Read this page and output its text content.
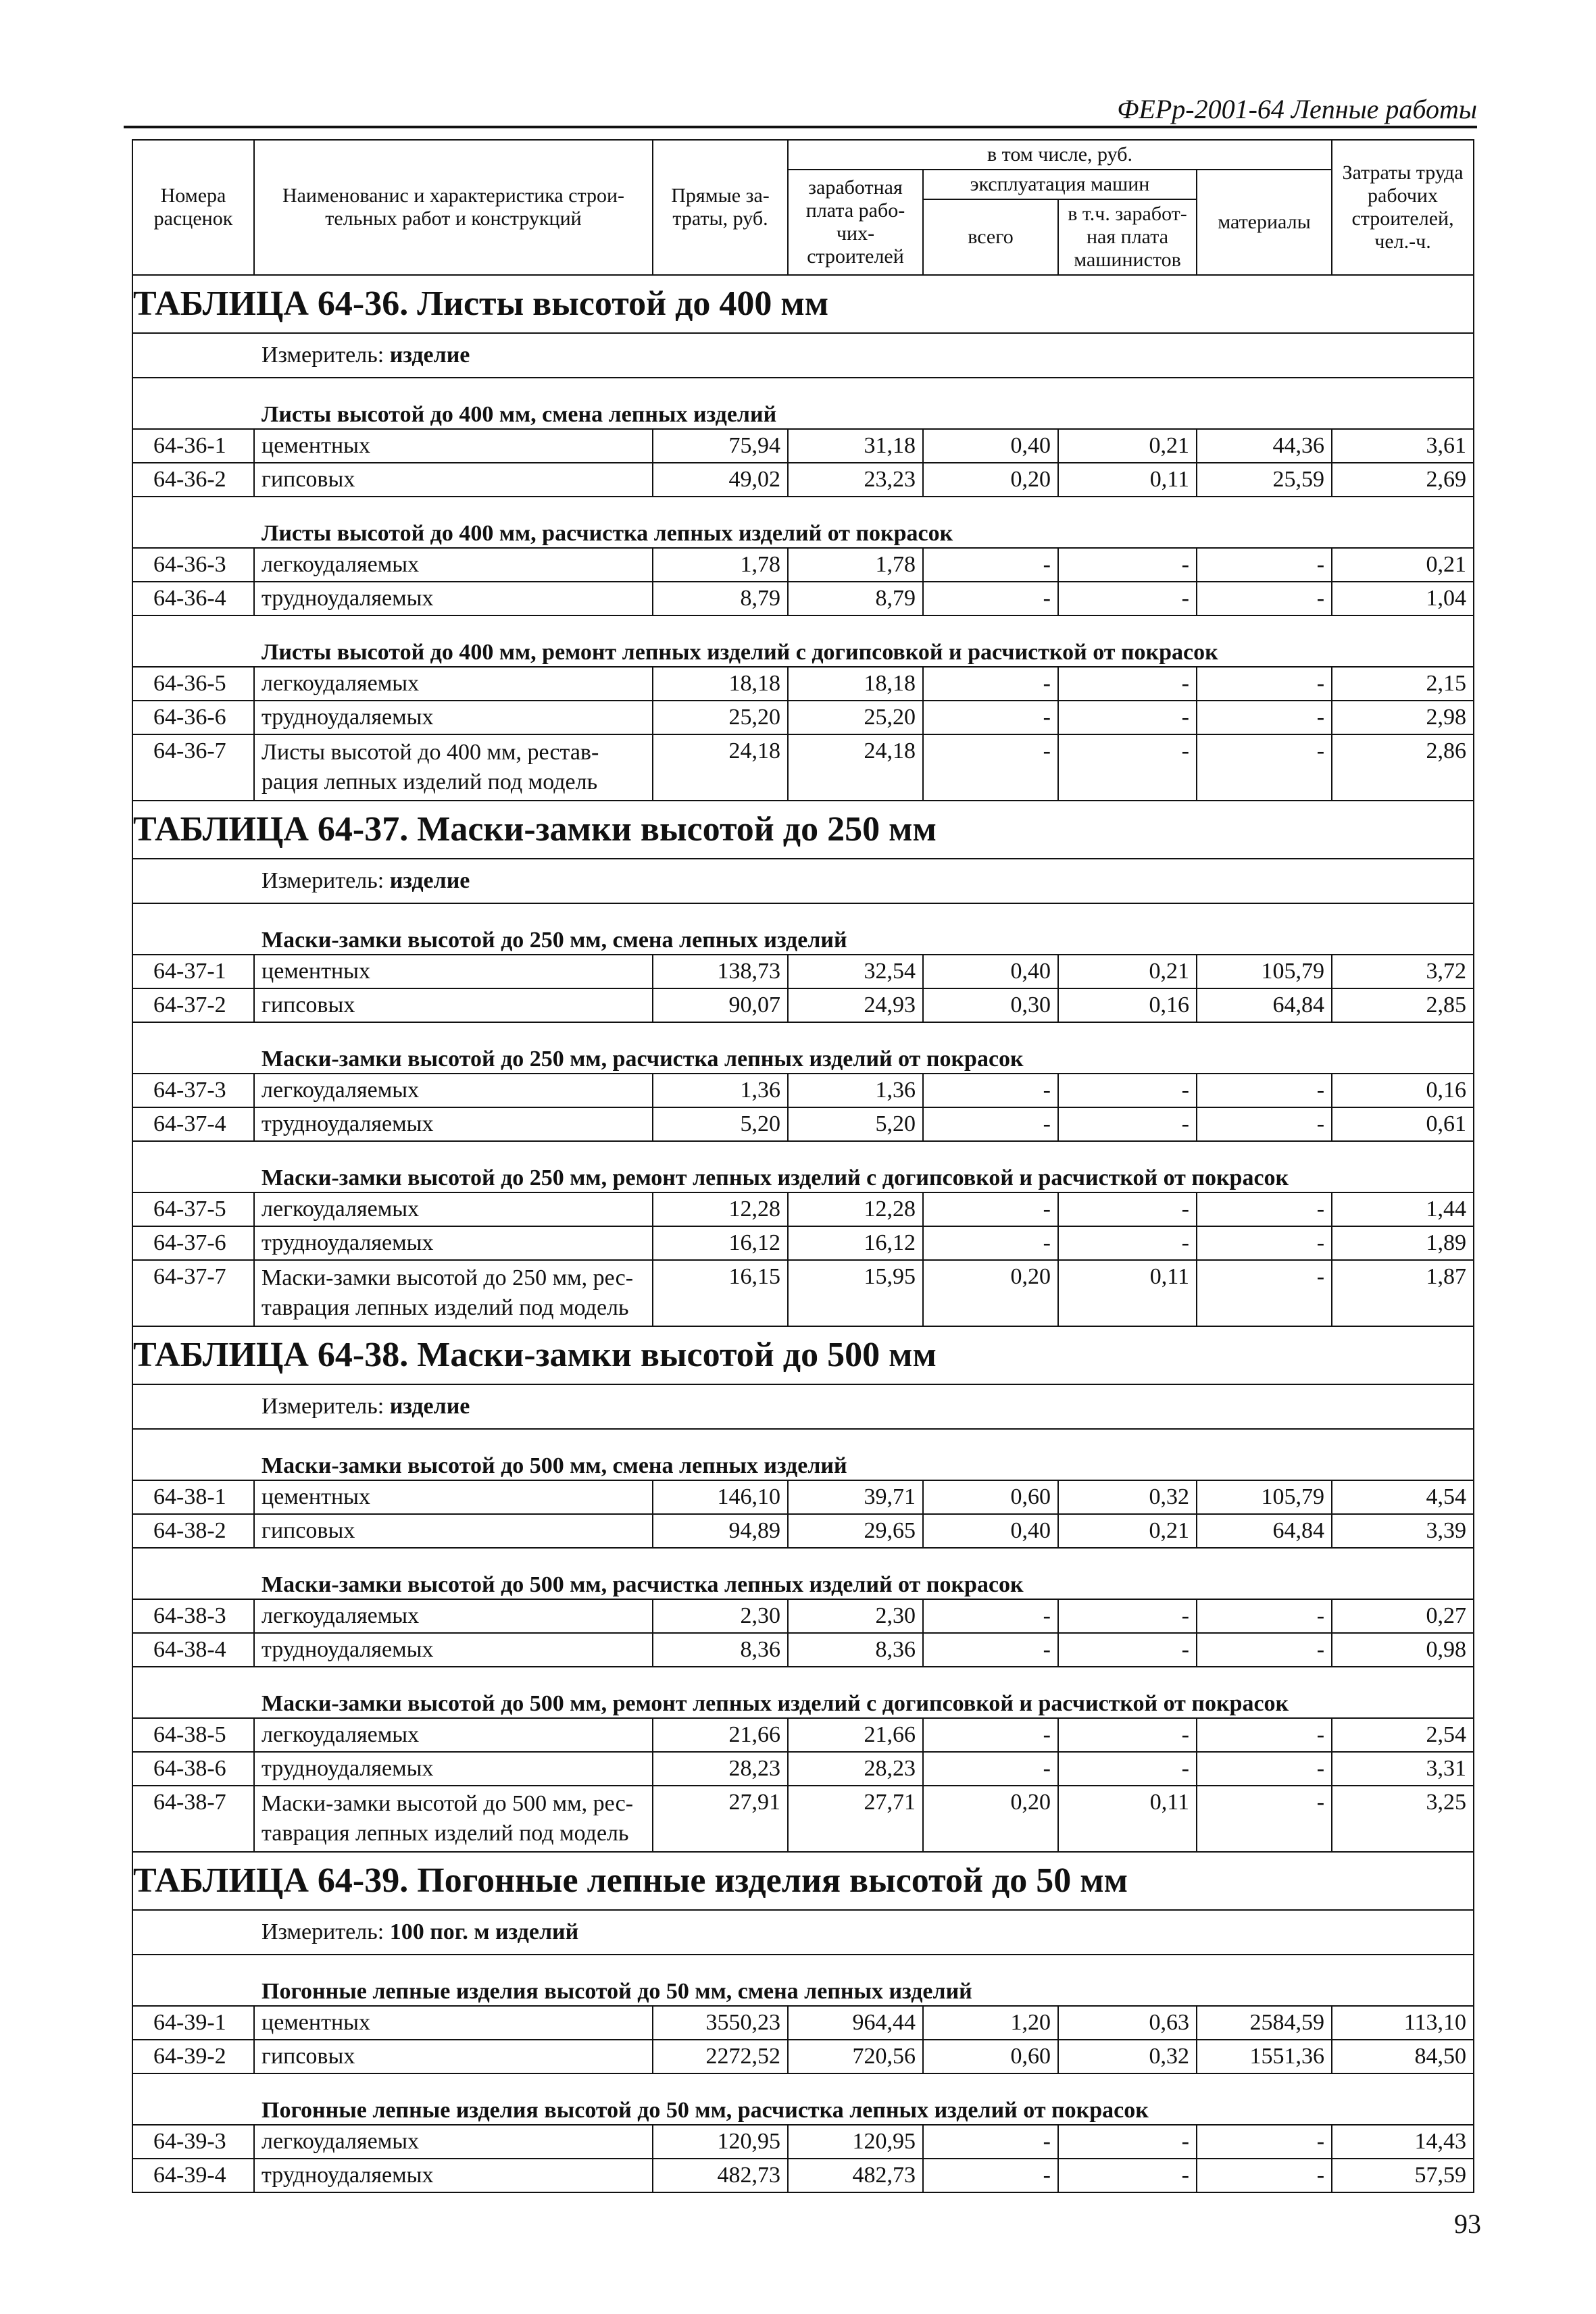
ФЕРр-2001-64 Лепные работы
Номера расценок	Наименованис и характеристика строи-тельных работ и конструкций	Прямые за-траты, руб.	в том числе, руб.				Затраты труда рабочих строителей, чел.-ч.
			заработная плата рабо-чих-строителей	эксплуатация машин		материалы	
				всего	в т.ч. заработ-ная плата машинистов		
ТАБЛИЦА 64-36. Листы высотой до 400 мм							
Измеритель: изделие							
Листы высотой до 400 мм, смена лепных изделий							
64-36-1	цементных	75,94	31,18	0,40	0,21	44,36	3,61
64-36-2	гипсовых	49,02	23,23	0,20	0,11	25,59	2,69
Листы высотой до 400 мм, расчистка лепных изделий от покрасок							
64-36-3	легкоудаляемых	1,78	1,78	-	-	-	0,21
64-36-4	трудноудаляемых	8,79	8,79	-	-	-	1,04
Листы высотой до 400 мм, ремонт лепных изделий с догипсовкой и расчисткой от покрасок							
64-36-5	легкоудаляемых	18,18	18,18	-	-	-	2,15
64-36-6	трудноудаляемых	25,20	25,20	-	-	-	2,98
64-36-7	Листы высотой до 400 мм, рестав-рация лепных изделий под модель	24,18	24,18	-	-	-	2,86
ТАБЛИЦА 64-37. Маски-замки высотой до 250 мм							
Измеритель: изделие							
Маски-замки высотой до 250 мм, смена лепных изделий							
64-37-1	цементных	138,73	32,54	0,40	0,21	105,79	3,72
64-37-2	гипсовых	90,07	24,93	0,30	0,16	64,84	2,85
Маски-замки высотой до 250 мм, расчистка лепных изделий от покрасок							
64-37-3	легкоудаляемых	1,36	1,36	-	-	-	0,16
64-37-4	трудноудаляемых	5,20	5,20	-	-	-	0,61
Маски-замки высотой до 250 мм, ремонт лепных изделий с догипсовкой и расчисткой от покрасок							
64-37-5	легкоудаляемых	12,28	12,28	-	-	-	1,44
64-37-6	трудноудаляемых	16,12	16,12	-	-	-	1,89
64-37-7	Маски-замки высотой до 250 мм, рес-таврация лепных изделий под модель	16,15	15,95	0,20	0,11	-	1,87
ТАБЛИЦА 64-38. Маски-замки высотой до 500 мм							
Измеритель: изделие							
Маски-замки высотой до 500 мм, смена лепных изделий							
64-38-1	цементных	146,10	39,71	0,60	0,32	105,79	4,54
64-38-2	гипсовых	94,89	29,65	0,40	0,21	64,84	3,39
Маски-замки высотой до 500 мм, расчистка лепных изделий от покрасок							
64-38-3	легкоудаляемых	2,30	2,30	-	-	-	0,27
64-38-4	трудноудаляемых	8,36	8,36	-	-	-	0,98
Маски-замки высотой до 500 мм, ремонт лепных изделий с догипсовкой и расчисткой от покрасок							
64-38-5	легкоудаляемых	21,66	21,66	-	-	-	2,54
64-38-6	трудноудаляемых	28,23	28,23	-	-	-	3,31
64-38-7	Маски-замки высотой до 500 мм, рес-таврация лепных изделий под модель	27,91	27,71	0,20	0,11	-	3,25
ТАБЛИЦА 64-39. Погонные лепные изделия высотой до 50 мм							
Измеритель: 100 пог. м изделий							
Погонные лепные изделия высотой до 50 мм, смена лепных изделий							
64-39-1	цементных	3550,23	964,44	1,20	0,63	2584,59	113,10
64-39-2	гипсовых	2272,52	720,56	0,60	0,32	1551,36	84,50
Погонные лепные изделия высотой до 50 мм, расчистка лепных изделий от покрасок							
64-39-3	легкоудаляемых	120,95	120,95	-	-	-	14,43
64-39-4	трудноудаляемых	482,73	482,73	-	-	-	57,59
93
